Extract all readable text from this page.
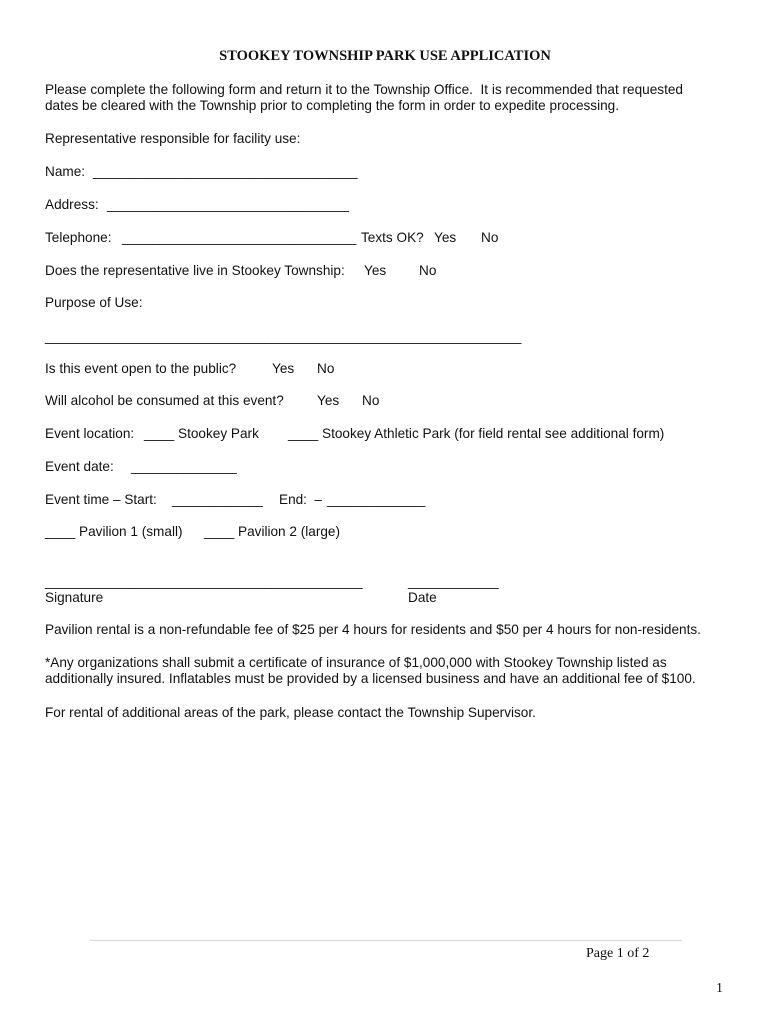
STOOKEY TOWNSHIP PARK USE APPLICATION
Please complete the following form and return it to the Township Office.  It is recommended that requested
dates be cleared with the Township prior to completing the form in order to expedite processing.
Representative responsible for facility use:
Name: ___________________________________
Address: ________________________________
Telephone: _______________________________ Texts OK? Yes No
Does the representative live in Stookey Township: Yes No
Purpose of Use:
_______________________________________________________________
Is this event open to the public?	Yes No
Will alcohol be consumed at this event? Yes No
Event location: ____ Stookey Park ____ Stookey Athletic Park (for field rental see additional form)
Event date: ______________
Event time – Start: ____________ End:  – _____________
____ Pavilion 1 (small) ____ Pavilion 2 (large)
__________________________________________	____________
Signature	Date
Pavilion rental is a non-refundable fee of $25 per 4 hours for residents and $50 per 4 hours for non-residents.
*Any organizations shall submit a certificate of insurance of $1,000,000 with Stookey Township listed as
additionally insured. Inflatables must be provided by a licensed business and have an additional fee of $100.
For rental of additional areas of the park, please contact the Township Supervisor.
Page 1 of 2
1
